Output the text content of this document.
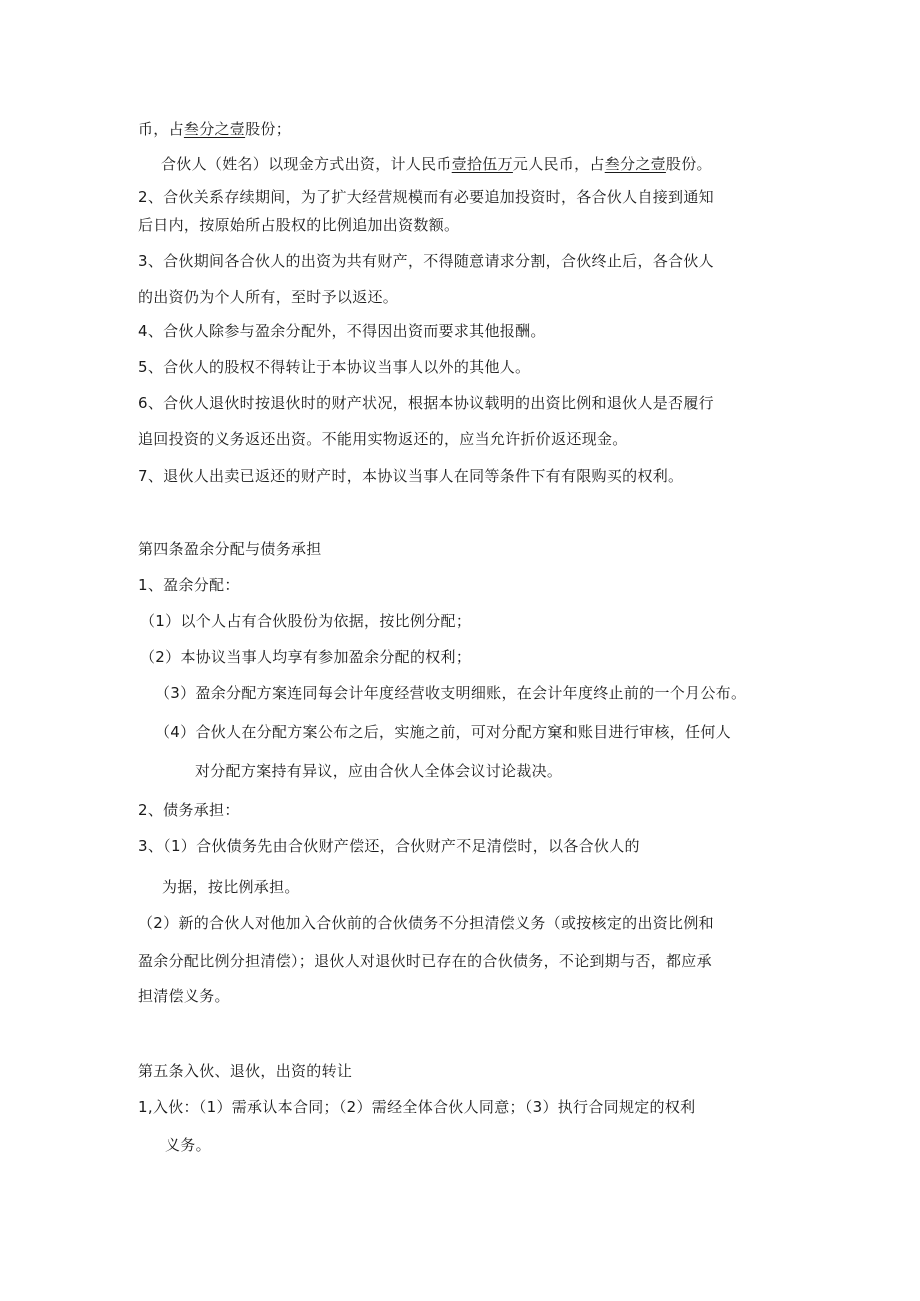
币，占叁分之壹股份；
合伙人（姓名）以现金方式出资，计人民币壹拾伍万元人民币，占叁分之壹股份。
2、合伙关系存续期间，为了扩大经营规模而有必要追加投资时，各合伙人自接到通知
后日内，按原始所占股权的比例追加出资数额。
3、合伙期间各合伙人的出资为共有财产，不得随意请求分割，合伙终止后，各合伙人
的出资仍为个人所有，至时予以返还。
4、合伙人除参与盈余分配外，不得因出资而要求其他报酬。
5、合伙人的股权不得转让于本协议当事人以外的其他人。
6、合伙人退伙时按退伙时的财产状况，根据本协议载明的出资比例和退伙人是否履行
追回投资的义务返还出资。不能用实物返还的，应当允许折价返还现金。
7、退伙人出卖已返还的财产时，本协议当事人在同等条件下有有限购买的权利。
第四条盈余分配与债务承担
1、盈余分配：
（1）以个人占有合伙股份为依据，按比例分配；
（2）本协议当事人均享有参加盈余分配的权利；
（3）盈余分配方案连同每会计年度经营收支明细账，在会计年度终止前的一个月公布。
（4）合伙人在分配方案公布之后，实施之前，可对分配方窠和账目进行审核，任何人
对分配方案持有异议，应由合伙人全体会议讨论裁决。
2、债务承担：
3、（1）合伙债务先由合伙财产偿还，合伙财产不足清偿时，以各合伙人的
为据，按比例承担。
（2）新的合伙人对他加入合伙前的合伙债务不分担清偿义务（或按核定的出资比例和
盈余分配比例分担清偿）；退伙人对退伙时已存在的合伙债务，不论到期与否，都应承
担清偿义务。
第五条入伙、退伙，出资的转让
1,入伙：（1）需承认本合同；（2）需经全体合伙人同意；（3）执行合同规定的权利
义务。
